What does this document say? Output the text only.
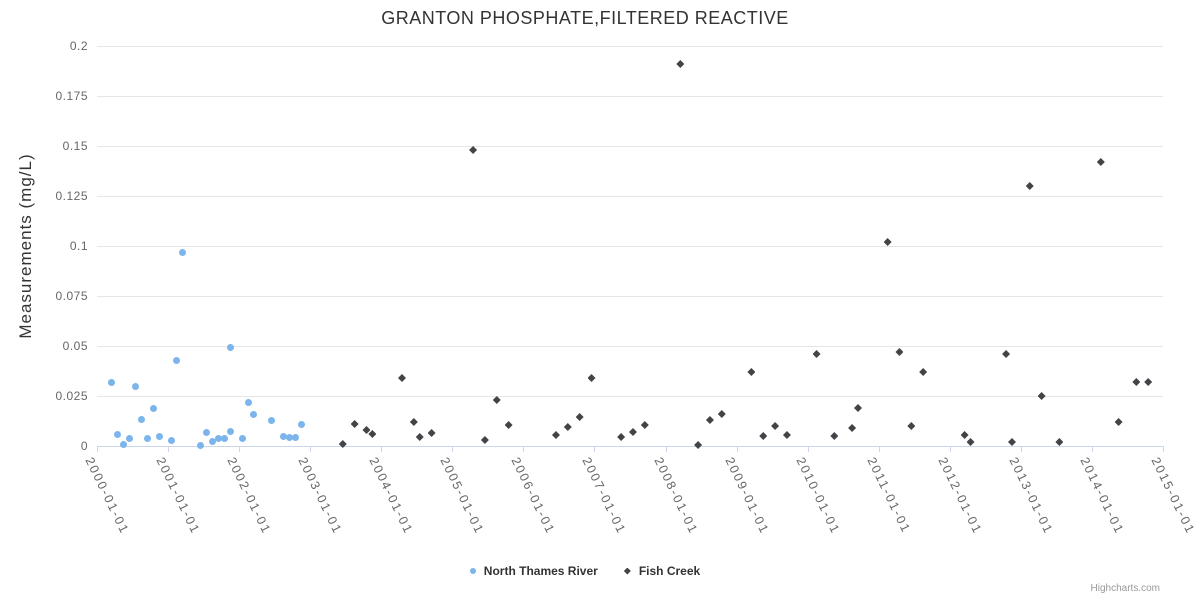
GRANTON PHOSPHATE,FILTERED REACTIVE
Measurements (mg/L)
0
0.025
0.05
0.075
0.1
0.125
0.15
0.175
0.2
2000-01-01 2001-01-01 2002-01-01 2003-01-01 2004-01-01 2005-01-01 2006-01-01 2007-01-01 2008-01-01 2009-01-01 2010-01-01 2011-01-01 2012-01-01 2013-01-01 2014-01-01 2015-01-01
North Thames River	Fish Creek
Highcharts.com
